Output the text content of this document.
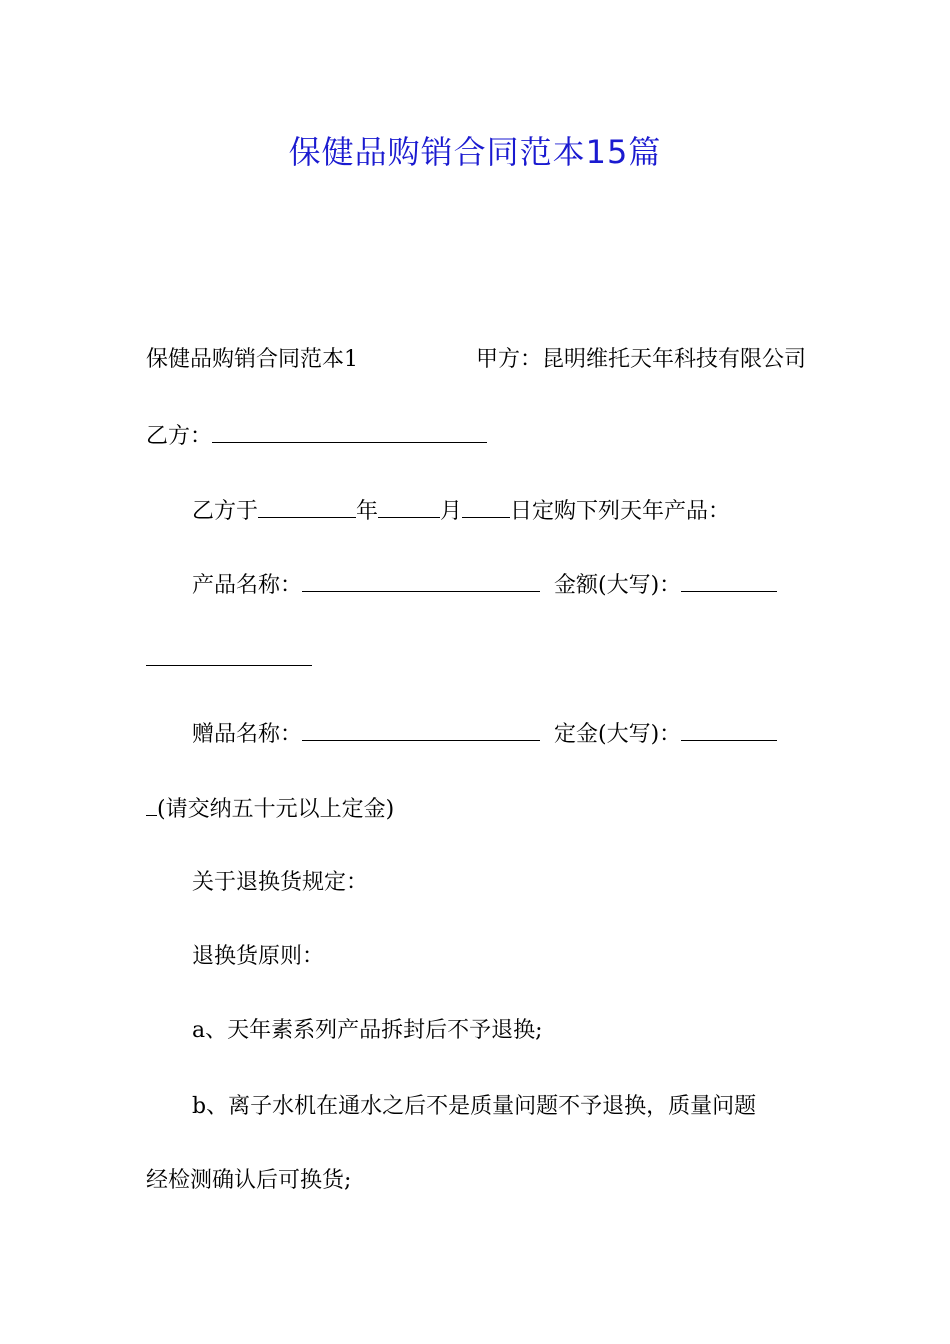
保健品购销合同范本15篇
保健品购销合同范本1	甲方：昆明维托天年科技有限公司
乙方：
乙方于	年	月 日定购下列天年产品：
产品名称：	金额(大写)：
赠品名称：	定金(大写)：
(请交纳五十元以上定金)
关于退换货规定：
退换货原则：
a、天年素系列产品拆封后不予退换;
b、离子水机在通水之后不是质量问题不予退换，质量问题
经检测确认后可换货;
